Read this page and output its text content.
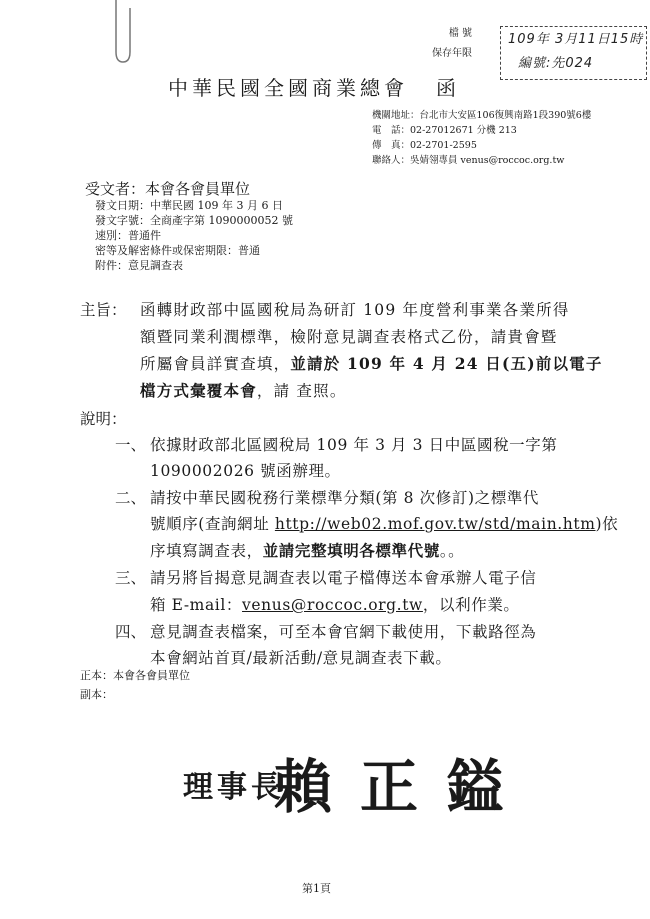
檔 號
保存年限
109年 3月11日15時
編號:先024
中華民國全國商業總會 函
機關地址：台北市大安區106復興南路1段390號6樓
電　話：02-27012671 分機 213
傳　真：02-2701-2595
聯絡人：吳婧翎專員 venus@roccoc.org.tw
受文者：本會各會員單位
發文日期：中華民國 109 年 3 月 6 日
發文字號：全商產字第 1090000052 號
速別：普通件
密等及解密條件或保密期限：普通
附件：意見調查表
主旨： 函轉財政部中區國稅局為研訂 109 年度營利事業各業所得
額暨同業利潤標準，檢附意見調查表格式乙份，請貴會暨
所屬會員詳實查填，並請於 109 年 4 月 24 日(五)前以電子
檔方式彙覆本會，請 查照。
說明：
一、 依據財政部北區國稅局 109 年 3 月 3 日中區國稅一字第
1090002026 號函辦理。
二、 請按中華民國稅務行業標準分類(第 8 次修訂)之標準代
號順序(查詢網址 http://web02.mof.gov.tw/std/main.htm)依
序填寫調查表，並請完整填明各標準代號。。
三、 請另將旨揭意見調查表以電子檔傳送本會承辦人電子信
箱 E-mail：venus@roccoc.org.tw，以利作業。
四、 意見調查表檔案，可至本會官網下載使用，下載路徑為
本會網站首頁/最新活動/意見調查表下載。
正本：本會各會員單位
副本：
理事長
賴正鎰
第1頁
